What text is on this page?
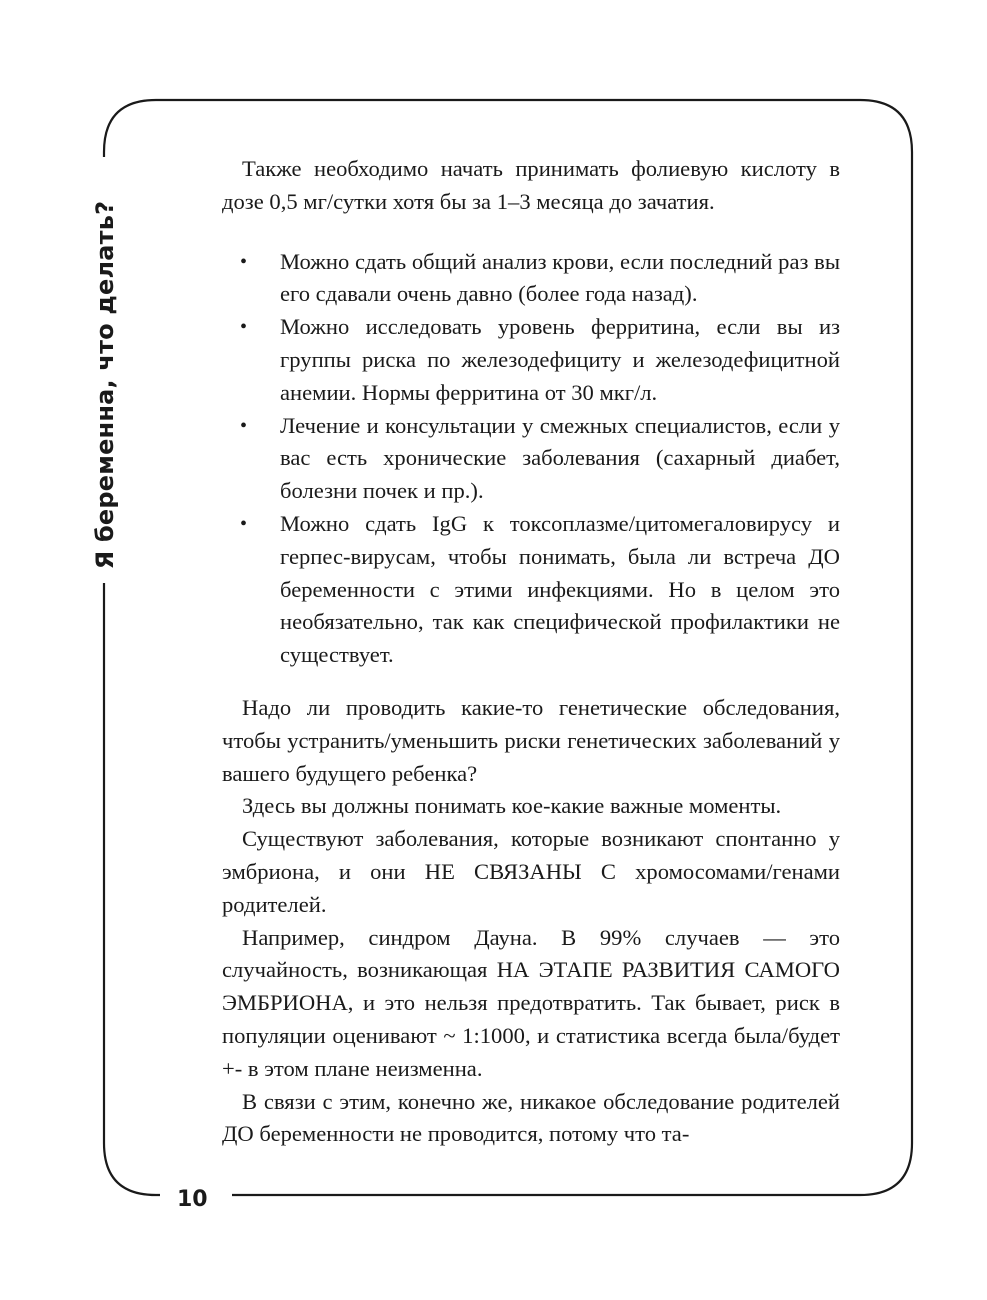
Я беременна, что делать?
10

Также необходимо начать принимать фолиевую кислоту в дозе 0,5 мг/сутки хотя бы за 1–3 месяца до зачатия.

• Можно сдать общий анализ крови, если последний раз вы его сдавали очень давно (более года назад).
• Можно исследовать уровень ферритина, если вы из группы риска по железодефициту и железодефицитной анемии. Нормы ферритина от 30 мкг/л.
• Лечение и консультации у смежных специалистов, если у вас есть хронические заболевания (сахарный диабет, болезни почек и пр.).
• Можно сдать IgG к токсоплазме/цитомегаловирусу и герпес-вирусам, чтобы понимать, была ли встреча ДО беременности с этими инфекциями. Но в целом это необязательно, так как специфической профилактики не существует.

Надо ли проводить какие-то генетические обследования, чтобы устранить/уменьшить риски генетических заболеваний у вашего будущего ребенка?

Здесь вы должны понимать кое-какие важные моменты.

Существуют заболевания, которые возникают спонтанно у эмбриона, и они НЕ СВЯЗАНЫ С хромосомами/генами родителей.

Например, синдром Дауна. В 99% случаев — это случайность, возникающая НА ЭТАПЕ РАЗВИТИЯ САМОГО ЭМБРИОНА, и это нельзя предотвратить. Так бывает, риск в популяции оценивают ~ 1:1000, и статистика всегда была/будет +- в этом плане неизменна.

В связи с этим, конечно же, никакое обследование родителей ДО беременности не проводится, потому что та-
